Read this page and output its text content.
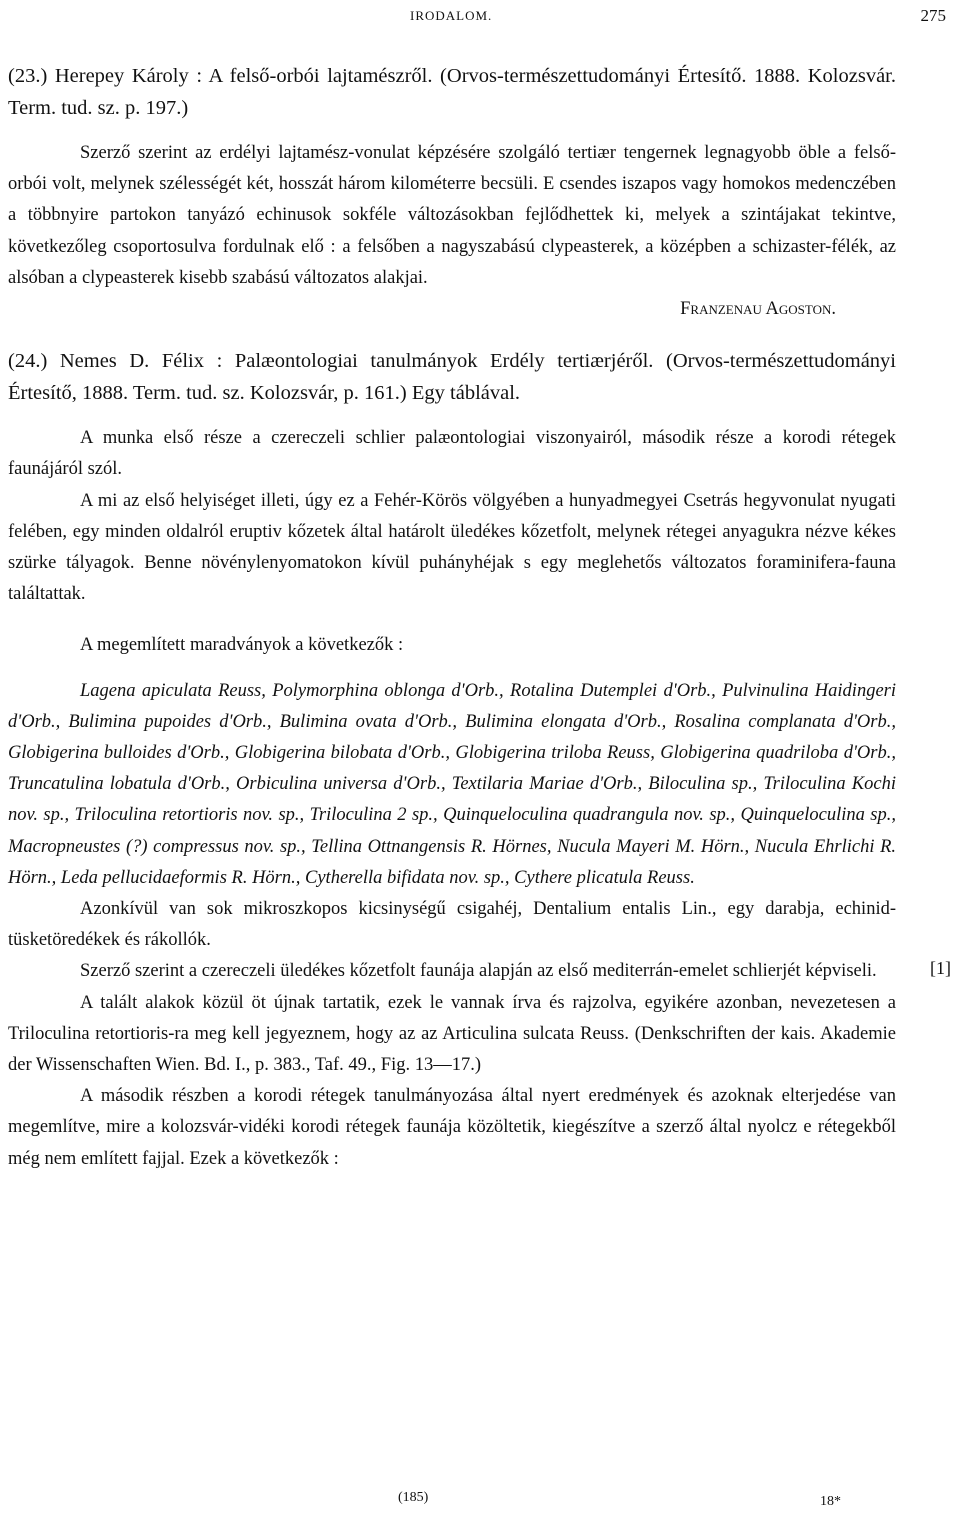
IRODALOM.	275

(23.) Herepey Károly : A felső-orbói lajtamészről. (Orvos-természettudományi Értesítő. 1888. Kolozsvár. Term. tud. sz. p. 197.)

Szerző szerint az erdélyi lajtamész-vonulat képzésére szolgáló tertiær tengernek legnagyobb öble a felső-orbói volt, melynek szélességét két, hosszát három kilométerre becsüli. E csendes iszapos vagy homokos medenczében a többnyire partokon tanyázó echinusok sokféle változásokban fejlődhettek ki, melyek a szintájakat tekintve, következőleg csoportosulva fordulnak elő : a felsőben a nagyszabású clypeasterek, a középben a schizaster-félék, az alsóban a clypeasterek kisebb szabású változatos alakjai.

Franzenau Agoston.

(24.) Nemes D. Félix : Palæontologiai tanulmányok Erdély tertiærjéről. (Orvos-természettudományi Értesítő, 1888. Term. tud. sz. Kolozsvár, p. 161.) Egy táblával.

A munka első része a czereczeli schlier palæontologiai viszonyairól, második része a korodi rétegek faunájáról szól.

A mi az első helyiséget illeti, úgy ez a Fehér-Körös völgyében a hunyadmegyei Csetrás hegyvonulat nyugati felében, egy minden oldalról eruptiv kőzetek által határolt üledékes kőzetfolt, melynek rétegei anyagukra nézve kékes szürke tályagok. Benne növénylenyomatokon kívül puhányhéjak s egy meglehetős változatos foraminifera-fauna találtattak.

A megemlített maradványok a következők :

Lagena apiculata Reuss, Polymorphina oblonga d'Orb., Rotalina Dutemplei d'Orb., Pulvinulina Haidingeri d'Orb., Bulimina pupoides d'Orb., Bulimina ovata d'Orb., Bulimina elongata d'Orb., Rosalina complanata d'Orb., Globigerina bulloides d'Orb., Globigerina bilobata d'Orb., Globigerina triloba Reuss, Globigerina quadriloba d'Orb., Truncatulina lobatula d'Orb., Orbiculina universa d'Orb., Textilaria Mariae d'Orb., Biloculina sp., Triloculina Kochi nov. sp., Triloculina retortioris nov. sp., Triloculina 2 sp., Quinqueloculina quadrangula nov. sp., Quinqueloculina sp., Macropneustes (?) compressus nov. sp., Tellina Ottnangensis R. Hörnes, Nucula Mayeri M. Hörn., Nucula Ehrlichi R. Hörn., Leda pellucidaeformis R. Hörn., Cytherella bifidata nov. sp., Cythere plicatula Reuss.

Azonkívül van sok mikroszkopos kicsinységű csigahéj, Dentalium entalis Lin., egy darabja, echinid-tüsketöredékek és rákollók.

Szerző szerint a czereczeli üledékes kőzetfolt faunája alapján az első mediterrán-emelet schlierjét képviseli.

A talált alakok közül öt újnak tartatik, ezek le vannak írva és rajzolva, egyikére azonban, nevezetesen a Triloculina retortioris-ra meg kell jegyeznem, hogy az az Articulina sulcata Reuss. (Denkschriften der kais. Akademie der Wissenschaften Wien. Bd. I., p. 383., Taf. 49., Fig. 13—17.)

A második részben a korodi rétegek tanulmányozása által nyert eredmények és azoknak elterjedése van megemlítve, mire a kolozsvár-vidéki korodi rétegek faunája közöltetik, kiegészítve a szerző által nyolcz e rétegekből még nem említett fajjal. Ezek a következők :

[1]
(185)	18*
